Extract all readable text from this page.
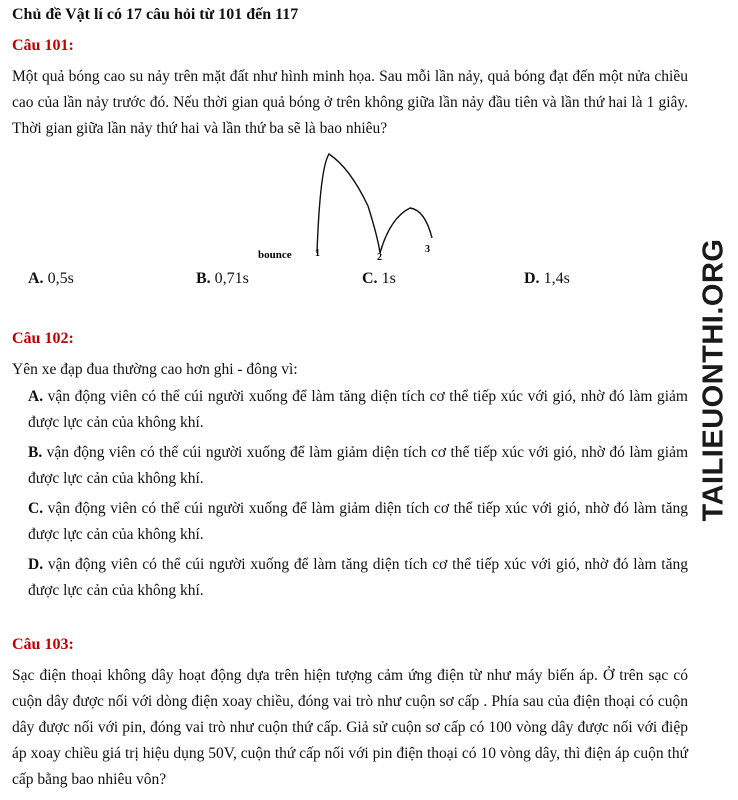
Chủ đề Vật lí có 17 câu hỏi từ 101 đến 117
Câu 101:
Một quả bóng cao su nảy trên mặt đất như hình minh họa. Sau mỗi lần nảy, quả bóng đạt đến một nửa chiều cao của lần nảy trước đó. Nếu thời gian quả bóng ở trên không giữa lần nảy đầu tiên và lần thứ hai là 1 giây. Thời gian giữa lần nảy thứ hai và lần thứ ba sẽ là bao nhiêu?
bounce 1	2
3
A. 0,5s	B. 0,71s	C. 1s	D. 1,4s
Câu 102:
Yên xe đạp đua thường cao hơn ghi - đông vì:
A. vận động viên có thể cúi người xuống để làm tăng diện tích cơ thể tiếp xúc với gió, nhờ đó làm giảm được lực cản của không khí.
B. vận động viên có thể cúi người xuống để làm giảm diện tích cơ thể tiếp xúc với gió, nhờ đó làm giảm được lực cản của không khí.
C. vận động viên có thể cúi người xuống để làm giảm diện tích cơ thể tiếp xúc với gió, nhờ đó làm tăng được lực cản của không khí.
D. vận động viên có thể cúi người xuống để làm tăng diện tích cơ thể tiếp xúc với gió, nhờ đó làm tăng được lực cản của không khí.
Câu 103:
Sạc điện thoại không dây hoạt động dựa trên hiện tượng cảm ứng điện từ như máy biến áp. Ở trên sạc có cuộn dây được nối với dòng điện xoay chiều, đóng vai trò như cuộn sơ cấp . Phía sau của điện thoại có cuộn dây được nối với pin, đóng vai trò như cuộn thứ cấp. Giả sử cuộn sơ cấp có 100 vòng dây được nối với điệp áp xoay chiều giá trị hiệu dụng 50V, cuộn thứ cấp nối với pin điện thoại có 10 vòng dây, thì điện áp cuộn thứ cấp bằng bao nhiêu vôn?
TAILIEUONTHI.ORG
